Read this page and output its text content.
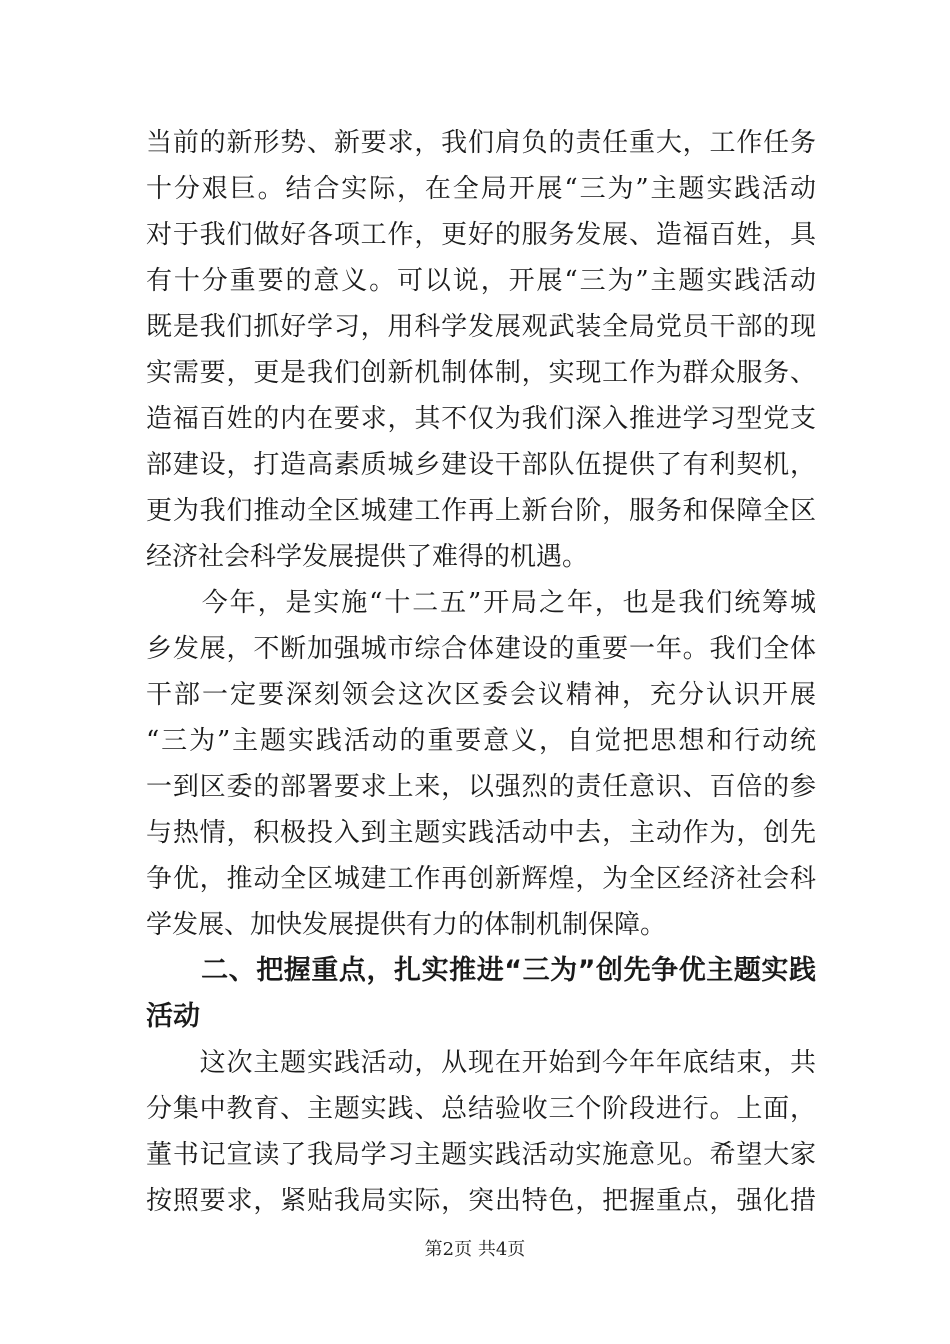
当前的新形势、新要求，我们肩负的责任重大，工作任务
十分艰巨。结合实际，在全局开展“三为”主题实践活动
对于我们做好各项工作，更好的服务发展、造福百姓，具
有十分重要的意义。可以说，开展“三为”主题实践活动
既是我们抓好学习，用科学发展观武装全局党员干部的现
实需要，更是我们创新机制体制，实现工作为群众服务、
造福百姓的内在要求，其不仅为我们深入推进学习型党支
部建设，打造高素质城乡建设干部队伍提供了有利契机，
更为我们推动全区城建工作再上新台阶，服务和保障全区
经济社会科学发展提供了难得的机遇。
　　今年，是实施“十二五”开局之年，也是我们统筹城
乡发展，不断加强城市综合体建设的重要一年。我们全体
干部一定要深刻领会这次区委会议精神，充分认识开展
“三为”主题实践活动的重要意义，自觉把思想和行动统
一到区委的部署要求上来，以强烈的责任意识、百倍的参
与热情，积极投入到主题实践活动中去，主动作为，创先
争优，推动全区城建工作再创新辉煌，为全区经济社会科
学发展、加快发展提供有力的体制机制保障。
　　二、把握重点，扎实推进“三为”创先争优主题实践
活动
　　这次主题实践活动，从现在开始到今年年底结束，共
分集中教育、主题实践、总结验收三个阶段进行。上面，
董书记宣读了我局学习主题实践活动实施意见。希望大家
按照要求，紧贴我局实际，突出特色，把握重点，强化措
第2页 共4页
